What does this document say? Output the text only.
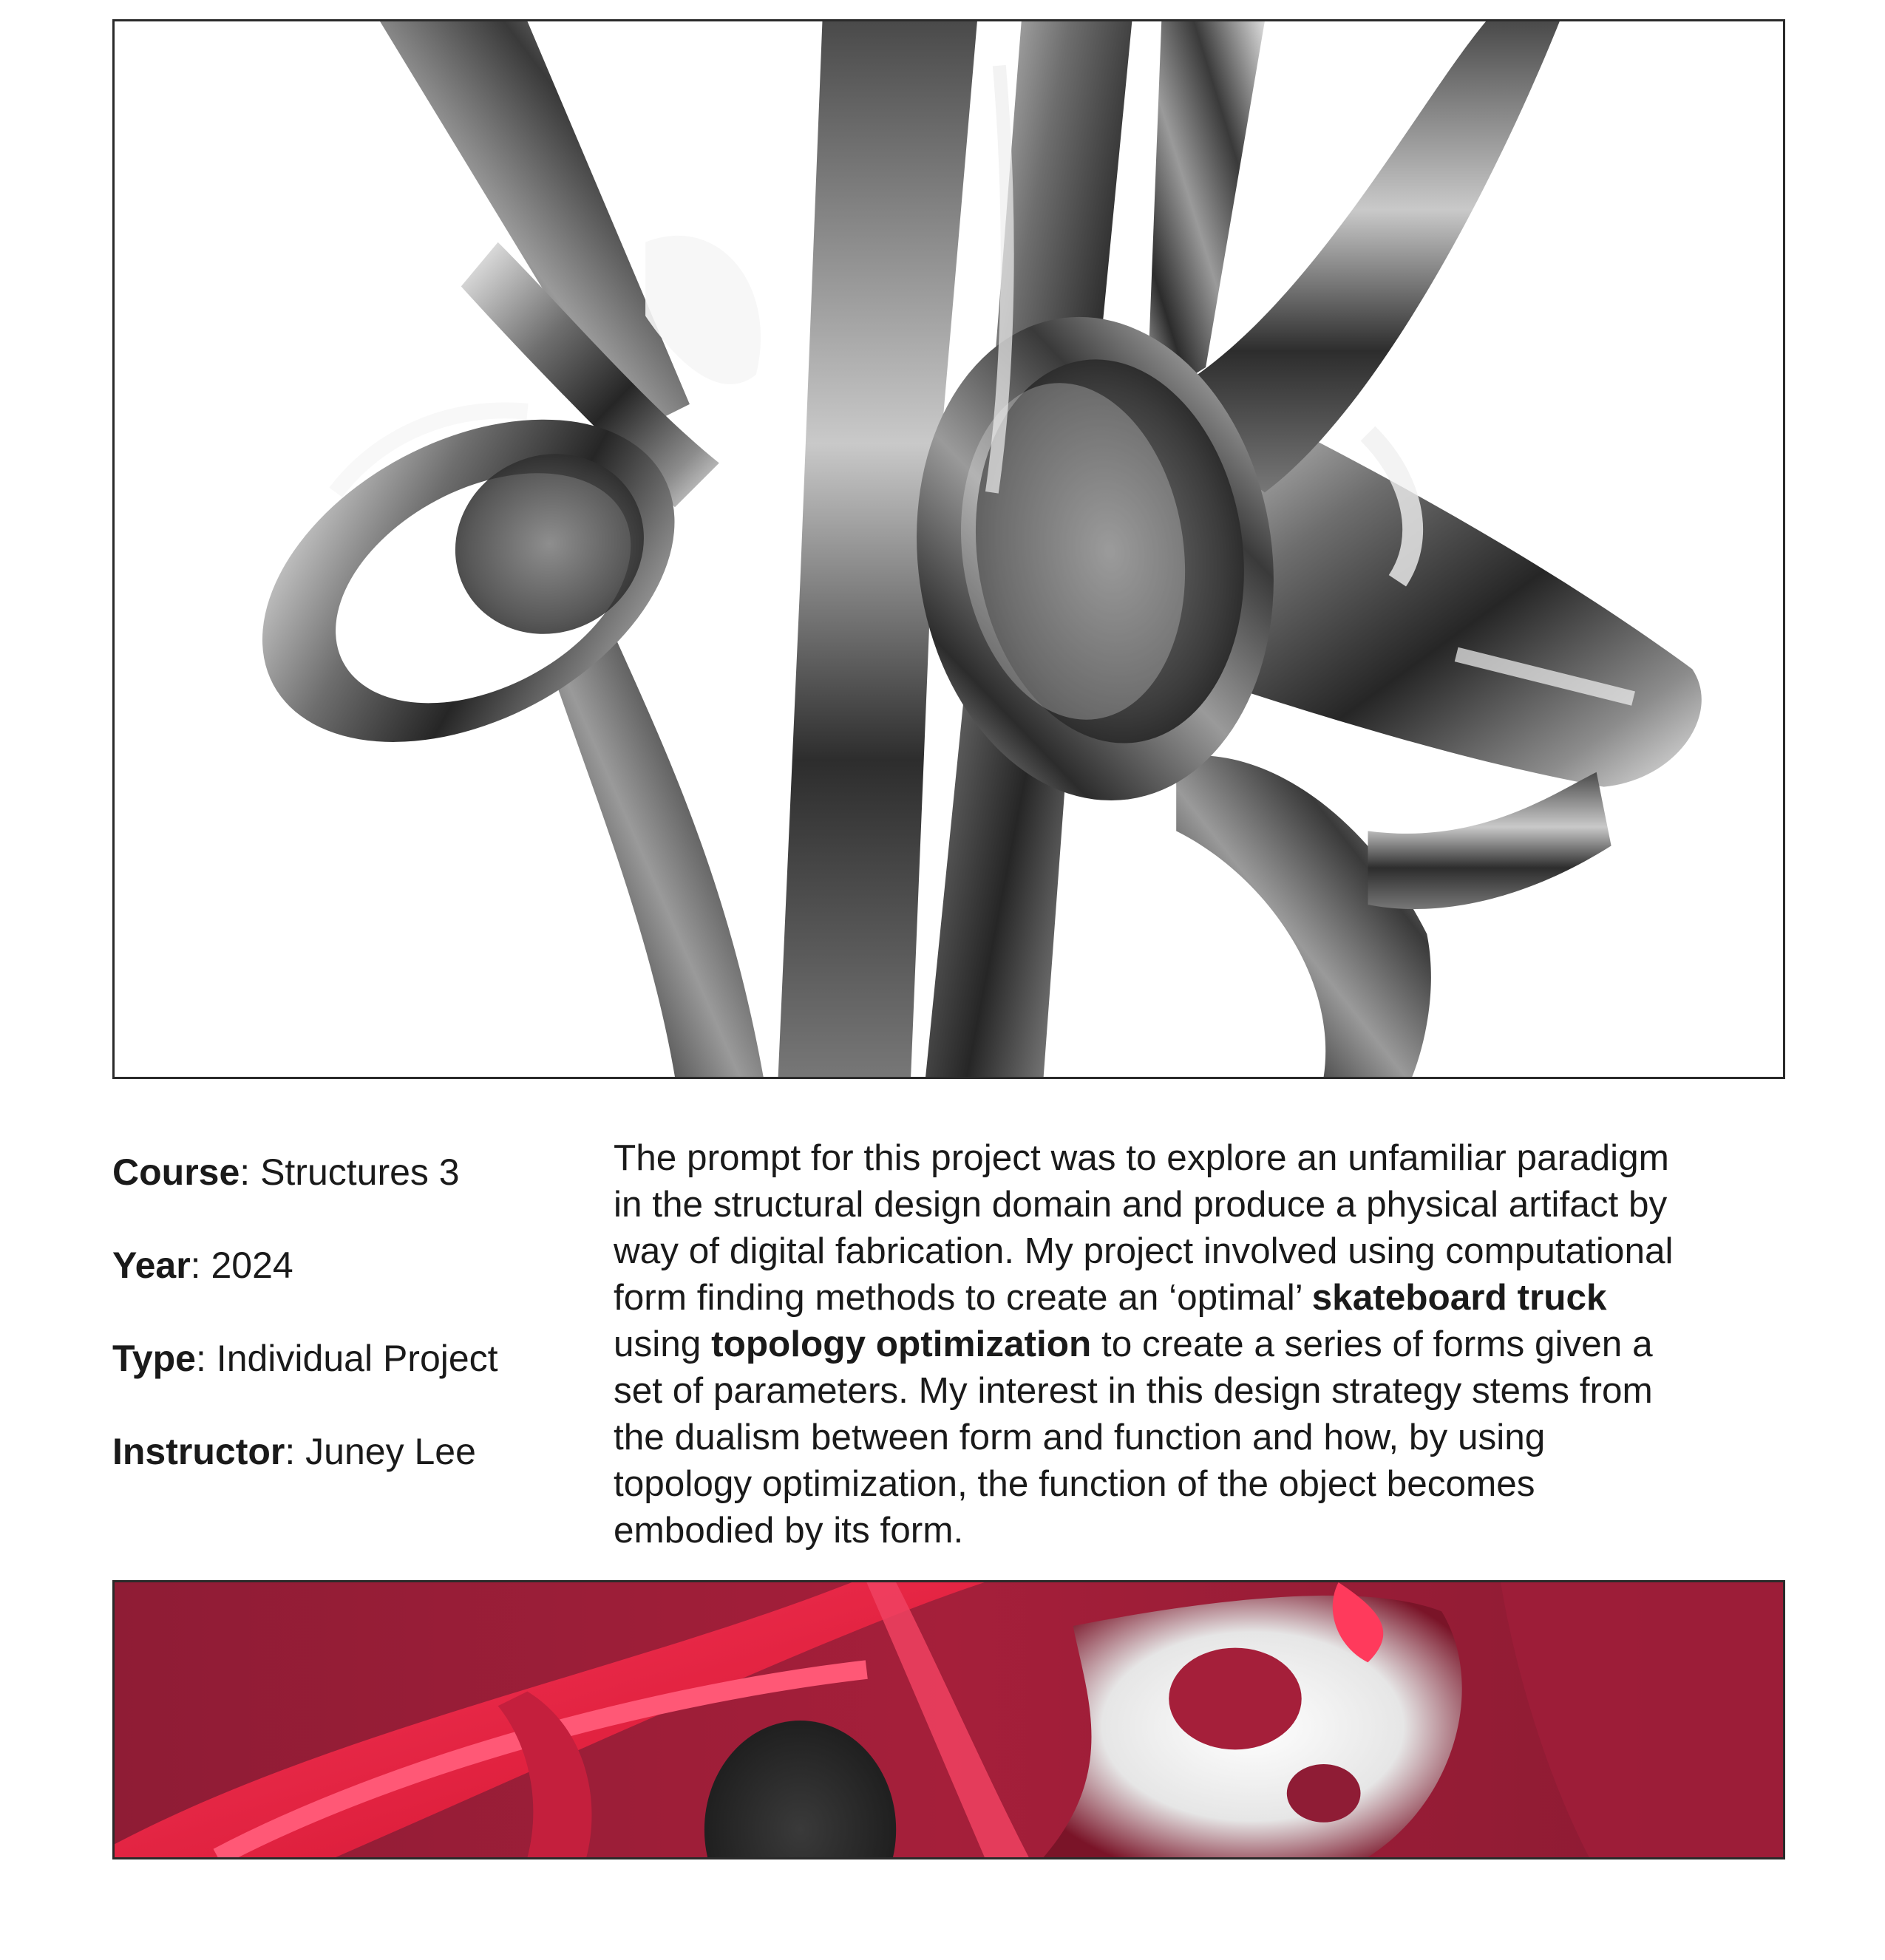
Course: Structures 3
Year: 2024
Type: Individual Project
Instructor: Juney Lee

The prompt for this project was to explore an unfamiliar paradigm
in the structural design domain and produce a physical artifact by
way of digital fabrication. My project involved using computational
form finding methods to create an ‘optimal’ skateboard truck
using topology optimization to create a series of forms given a
set of parameters. My interest in this design strategy stems from
the dualism between form and function and how, by using
topology optimization, the function of the object becomes
embodied by its form.
